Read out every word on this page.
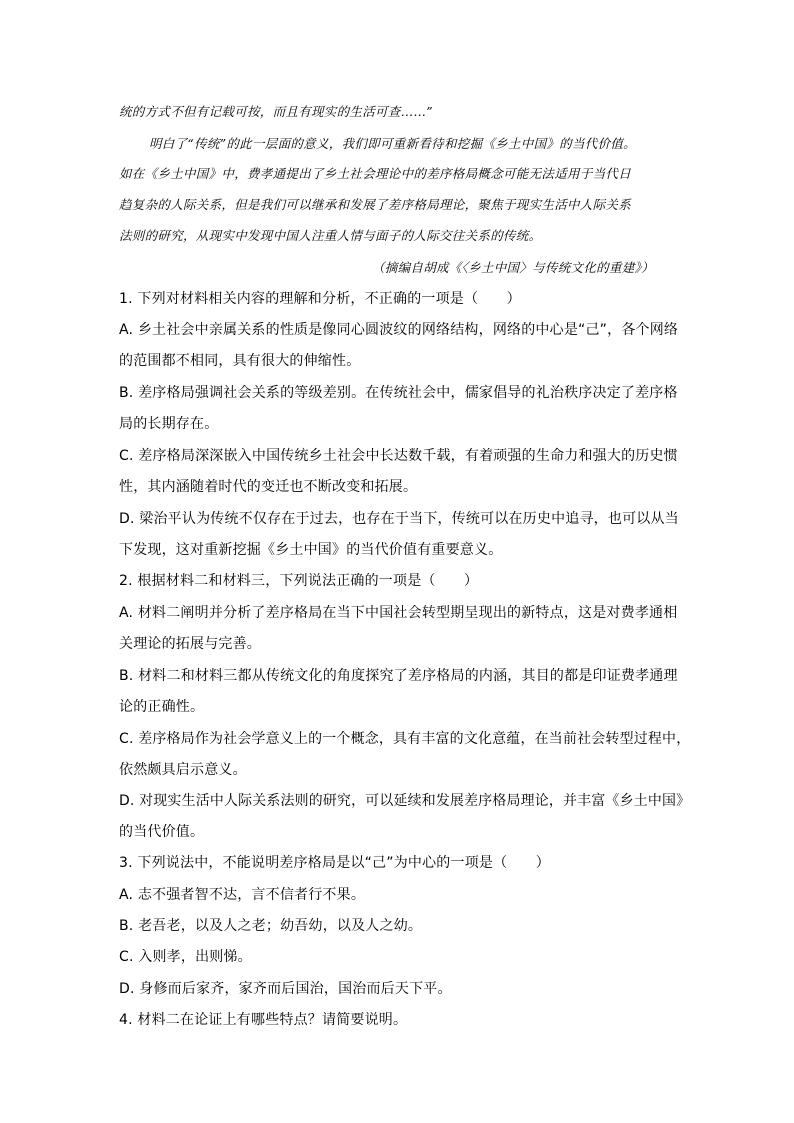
统的方式不但有记载可按，而且有现实的生活可查……”
明白了“传统”的此一层面的意义，我们即可重新看待和挖掘《乡土中国》的当代价值。
如在《乡土中国》中，费孝通提出了乡土社会理论中的差序格局概念可能无法适用于当代日
趋复杂的人际关系，但是我们可以继承和发展了差序格局理论，聚焦于现实生活中人际关系
法则的研究，从现实中发现中国人注重人情与面子的人际交往关系的传统。
（摘编自胡成《〈乡土中国〉与传统文化的重建》）
1. 下列对材料相关内容的理解和分析，不正确的一项是（　　）
A. 乡土社会中亲属关系的性质是像同心圆波纹的网络结构，网络的中心是“己”，各个网络
的范围都不相同，具有很大的伸缩性。
B. 差序格局强调社会关系的等级差别。在传统社会中，儒家倡导的礼治秩序决定了差序格
局的长期存在。
C. 差序格局深深嵌入中国传统乡土社会中长达数千载，有着顽强的生命力和强大的历史惯
性，其内涵随着时代的变迁也不断改变和拓展。
D. 梁治平认为传统不仅存在于过去，也存在于当下，传统可以在历史中追寻，也可以从当
下发现，这对重新挖掘《乡土中国》的当代价值有重要意义。
2. 根据材料二和材料三，下列说法正确的一项是（　　）
A. 材料二阐明并分析了差序格局在当下中国社会转型期呈现出的新特点，这是对费孝通相
关理论的拓展与完善。
B. 材料二和材料三都从传统文化的角度探究了差序格局的内涵，其目的都是印证费孝通理
论的正确性。
C. 差序格局作为社会学意义上的一个概念，具有丰富的文化意蕴，在当前社会转型过程中，
依然颇具启示意义。
D. 对现实生活中人际关系法则的研究，可以延续和发展差序格局理论，并丰富《乡土中国》
的当代价值。
3. 下列说法中，不能说明差序格局是以“己”为中心的一项是（　　）
A. 志不强者智不达，言不信者行不果。
B. 老吾老，以及人之老；幼吾幼，以及人之幼。
C. 入则孝，出则悌。
D. 身修而后家齐，家齐而后国治，国治而后天下平。
4. 材料二在论证上有哪些特点？请简要说明。
